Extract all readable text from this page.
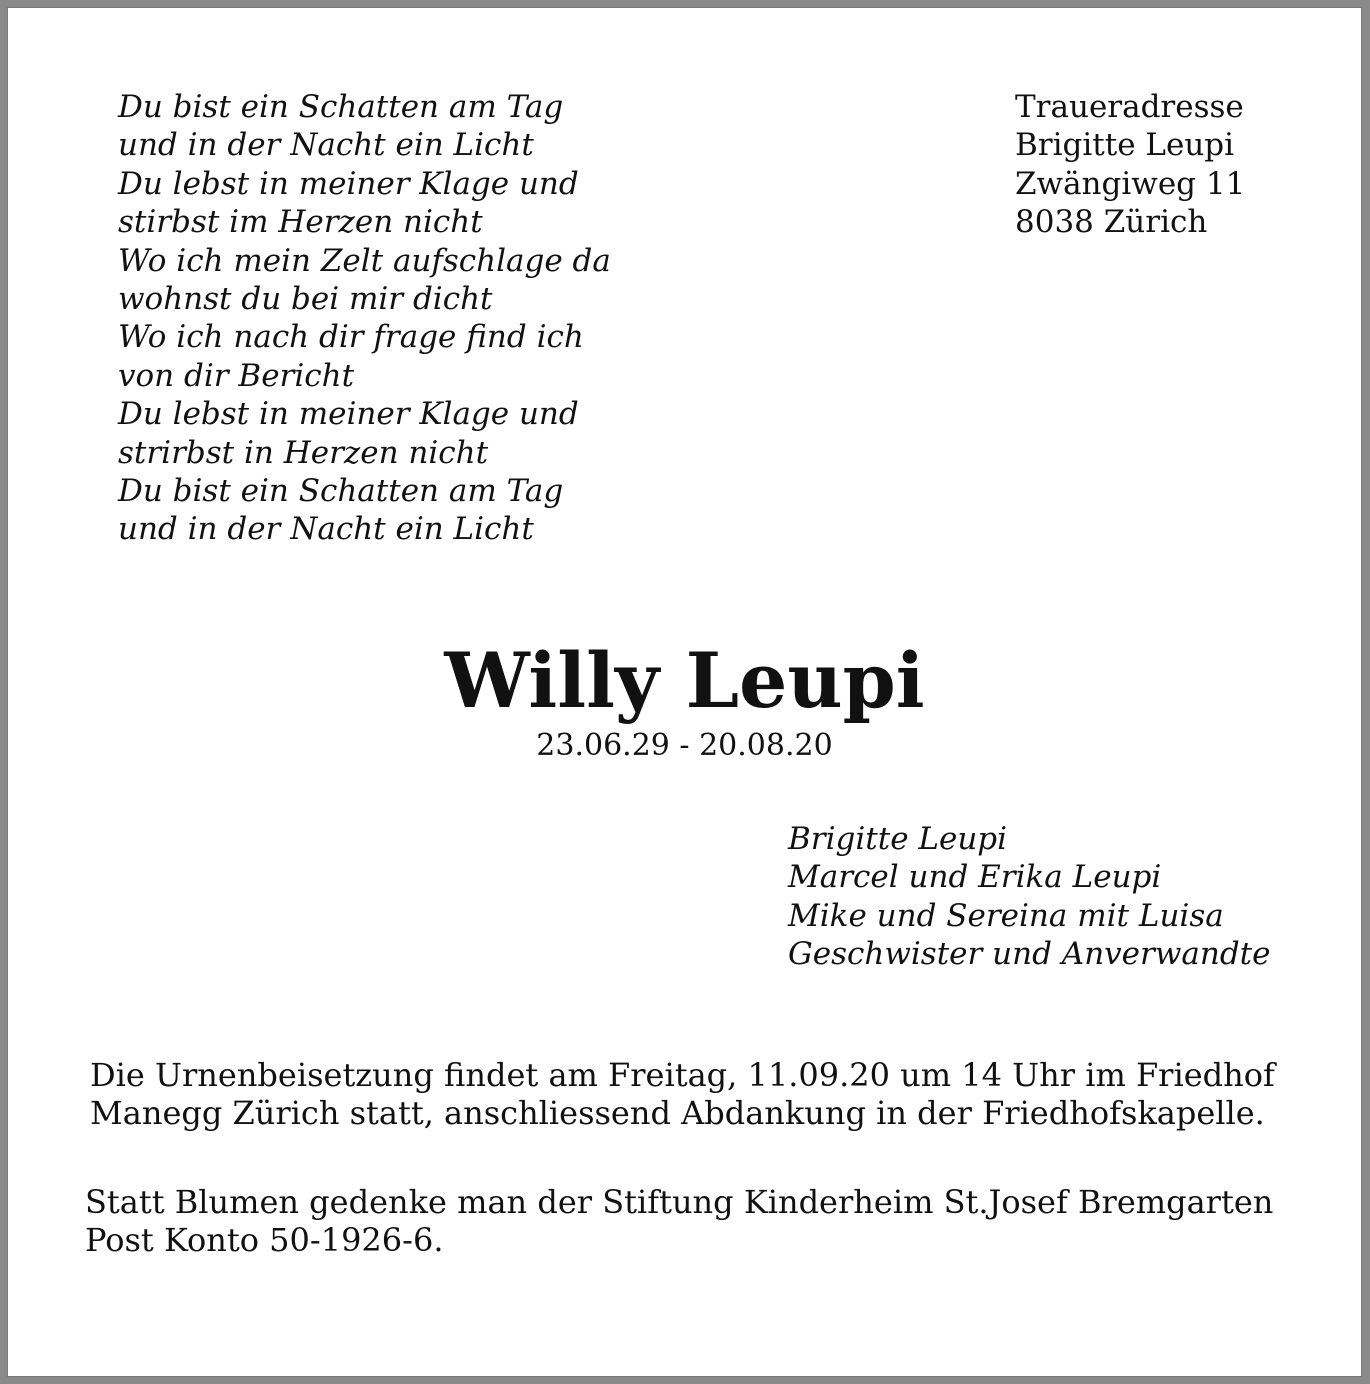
Du bist ein Schatten am Tag
und in der Nacht ein Licht
Du lebst in meiner Klage und
stirbst im Herzen nicht
Wo ich mein Zelt aufschlage da
wohnst du bei mir dicht
Wo ich nach dir frage find ich
von dir Bericht
Du lebst in meiner Klage und
strirbst in Herzen nicht
Du bist ein Schatten am Tag
und in der Nacht ein Licht
Traueradresse
Brigitte Leupi
Zwängiweg 11
8038 Zürich
Willy Leupi
23.06.29 - 20.08.20
Brigitte Leupi
Marcel und Erika Leupi
Mike und Sereina mit Luisa
Geschwister und Anverwandte
Die Urnenbeisetzung findet am Freitag, 11.09.20 um 14 Uhr im Friedhof
Manegg Zürich statt, anschliessend Abdankung in der Friedhofskapelle.
Statt Blumen gedenke man der Stiftung Kinderheim St.Josef Bremgarten
Post Konto 50-1926-6.
